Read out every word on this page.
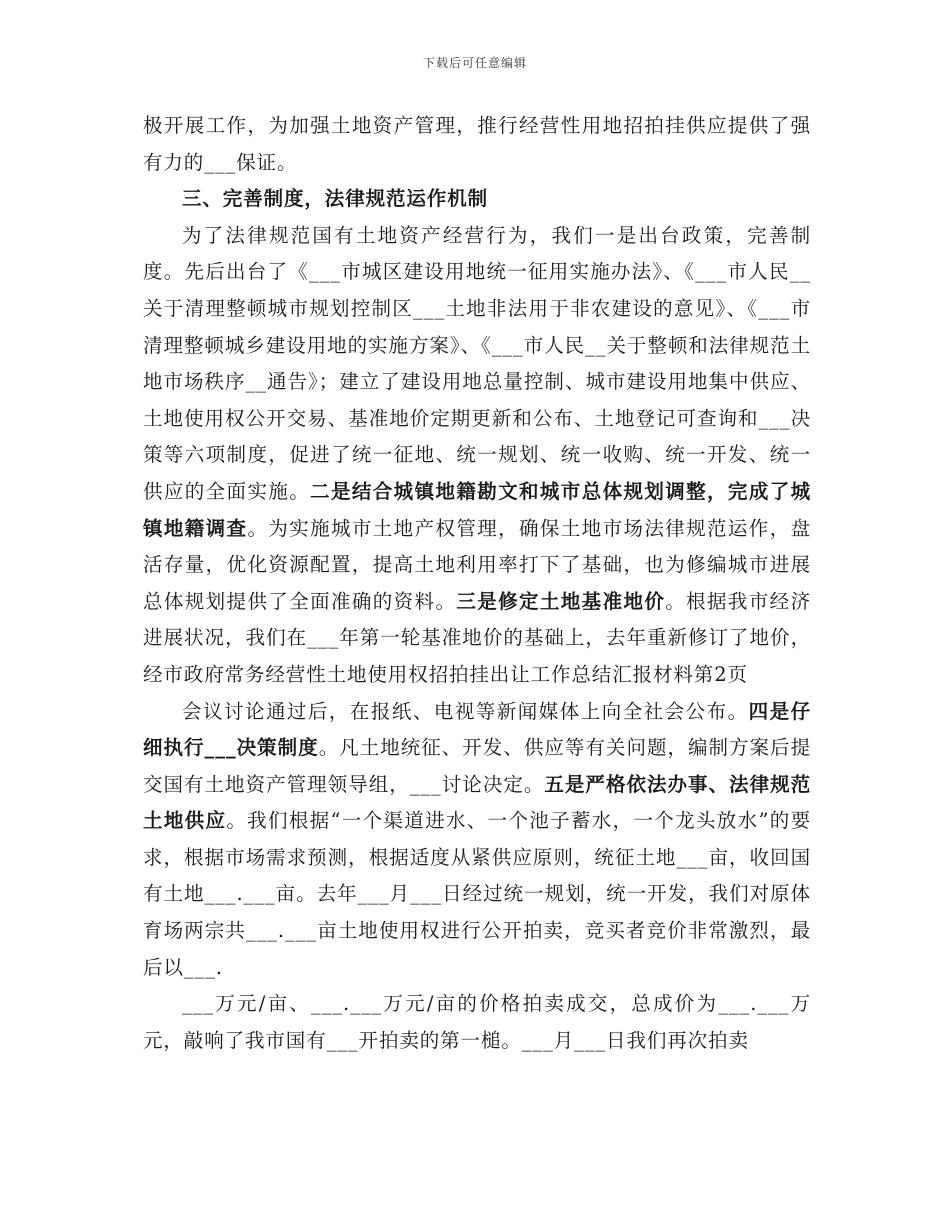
下载后可任意编辑

极开展工作，为加强土地资产管理，推行经营性用地招拍挂供应提供了强有力的___保证。

三、完善制度，法律规范运作机制

为了法律规范国有土地资产经营行为，我们一是出台政策，完善制度。先后出台了《___市城区建设用地统一征用实施办法》、《___市人民__关于清理整顿城市规划控制区___土地非法用于非农建设的意见》、《___市清理整顿城乡建设用地的实施方案》、《___市人民__关于整顿和法律规范土地市场秩序__通告》；建立了建设用地总量控制、城市建设用地集中供应、土地使用权公开交易、基准地价定期更新和公布、土地登记可查询和___决策等六项制度，促进了统一征地、统一规划、统一收购、统一开发、统一供应的全面实施。二是结合城镇地籍勘文和城市总体规划调整，完成了城镇地籍调查。为实施城市土地产权管理，确保土地市场法律规范运作，盘活存量，优化资源配置，提高土地利用率打下了基础，也为修编城市进展总体规划提供了全面准确的资料。三是修定土地基准地价。根据我市经济进展状况，我们在___年第一轮基准地价的基础上，去年重新修订了地价，经市政府常务经营性土地使用权招拍挂出让工作总结汇报材料第2页

会议讨论通过后，在报纸、电视等新闻媒体上向全社会公布。四是仔细执行___决策制度。凡土地统征、开发、供应等有关问题，编制方案后提交国有土地资产管理领导组，___讨论决定。五是严格依法办事、法律规范土地供应。我们根据“一个渠道进水、一个池子蓄水，一个龙头放水”的要求，根据市场需求预测，根据适度从紧供应原则，统征土地___亩，收回国有土地___.___亩。去年___月___日经过统一规划，统一开发，我们对原体育场两宗共___.___亩土地使用权进行公开拍卖，竞买者竞价非常激烈，最后以___.

___万元/亩、___.___万元/亩的价格拍卖成交，总成价为___.___万元，敲响了我市国有___开拍卖的第一槌。___月___日我们再次拍卖
